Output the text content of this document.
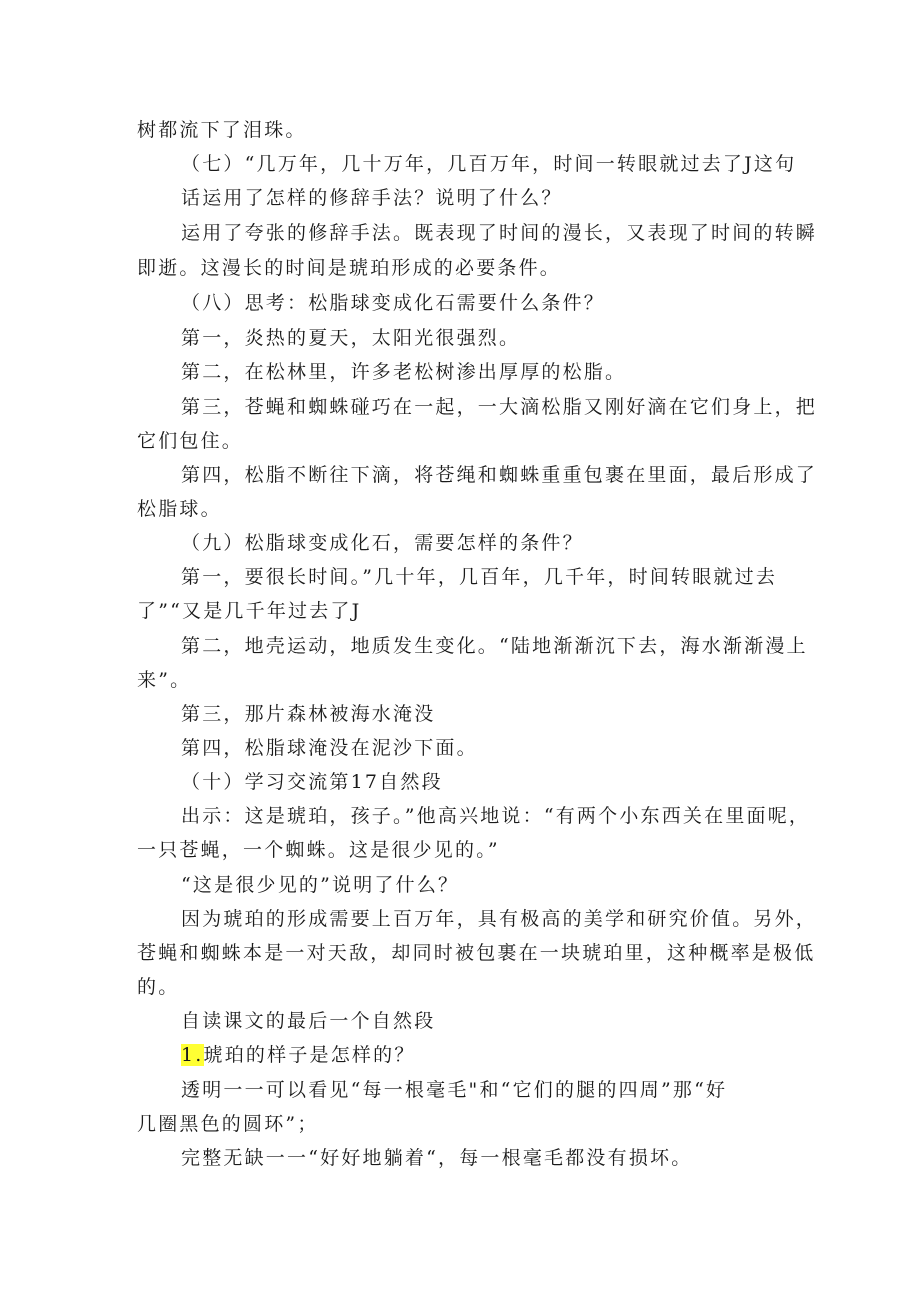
树都流下了泪珠。
（七）“几万年，几十万年，几百万年，时间一转眼就过去了J这句
话运用了怎样的修辞手法？说明了什么？
运用了夸张的修辞手法。既表现了时间的漫长，又表现了时间的转瞬
即逝。这漫长的时间是琥珀形成的必要条件。
（八）思考：松脂球变成化石需要什么条件？
第一，炎热的夏天，太阳光很强烈。
第二，在松林里，许多老松树渗出厚厚的松脂。
第三，苍蝇和蜘蛛碰巧在一起，一大滴松脂又刚好滴在它们身上，把
它们包住。
第四，松脂不断往下滴，将苍绳和蜘蛛重重包裹在里面，最后形成了
松脂球。
（九）松脂球变成化石，需要怎样的条件？
第一，要很长时间。”几十年，几百年，几千年，时间转眼就过去
了”“又是几千年过去了J
第二，地壳运动，地质发生变化。“陆地渐渐沉下去，海水渐渐漫上
来”。
第三，那片森林被海水淹没
第四，松脂球淹没在泥沙下面。
（十）学习交流第17自然段
出示：这是琥珀，孩子。”他高兴地说：“有两个小东西关在里面呢，
一只苍蝇，一个蜘蛛。这是很少见的。”
“这是很少见的”说明了什么？
因为琥珀的形成需要上百万年，具有极高的美学和研究价值。另外，
苍蝇和蜘蛛本是一对天敌，却同时被包裹在一块琥珀里，这种概率是极低
的。
自读课文的最后一个自然段
1.琥珀的样子是怎样的？
透明一一可以看见“每一根毫毛"和“它们的腿的四周”那“好
几圈黑色的圆环”；
完整无缺一一“好好地躺着“，每一根毫毛都没有损坏。
